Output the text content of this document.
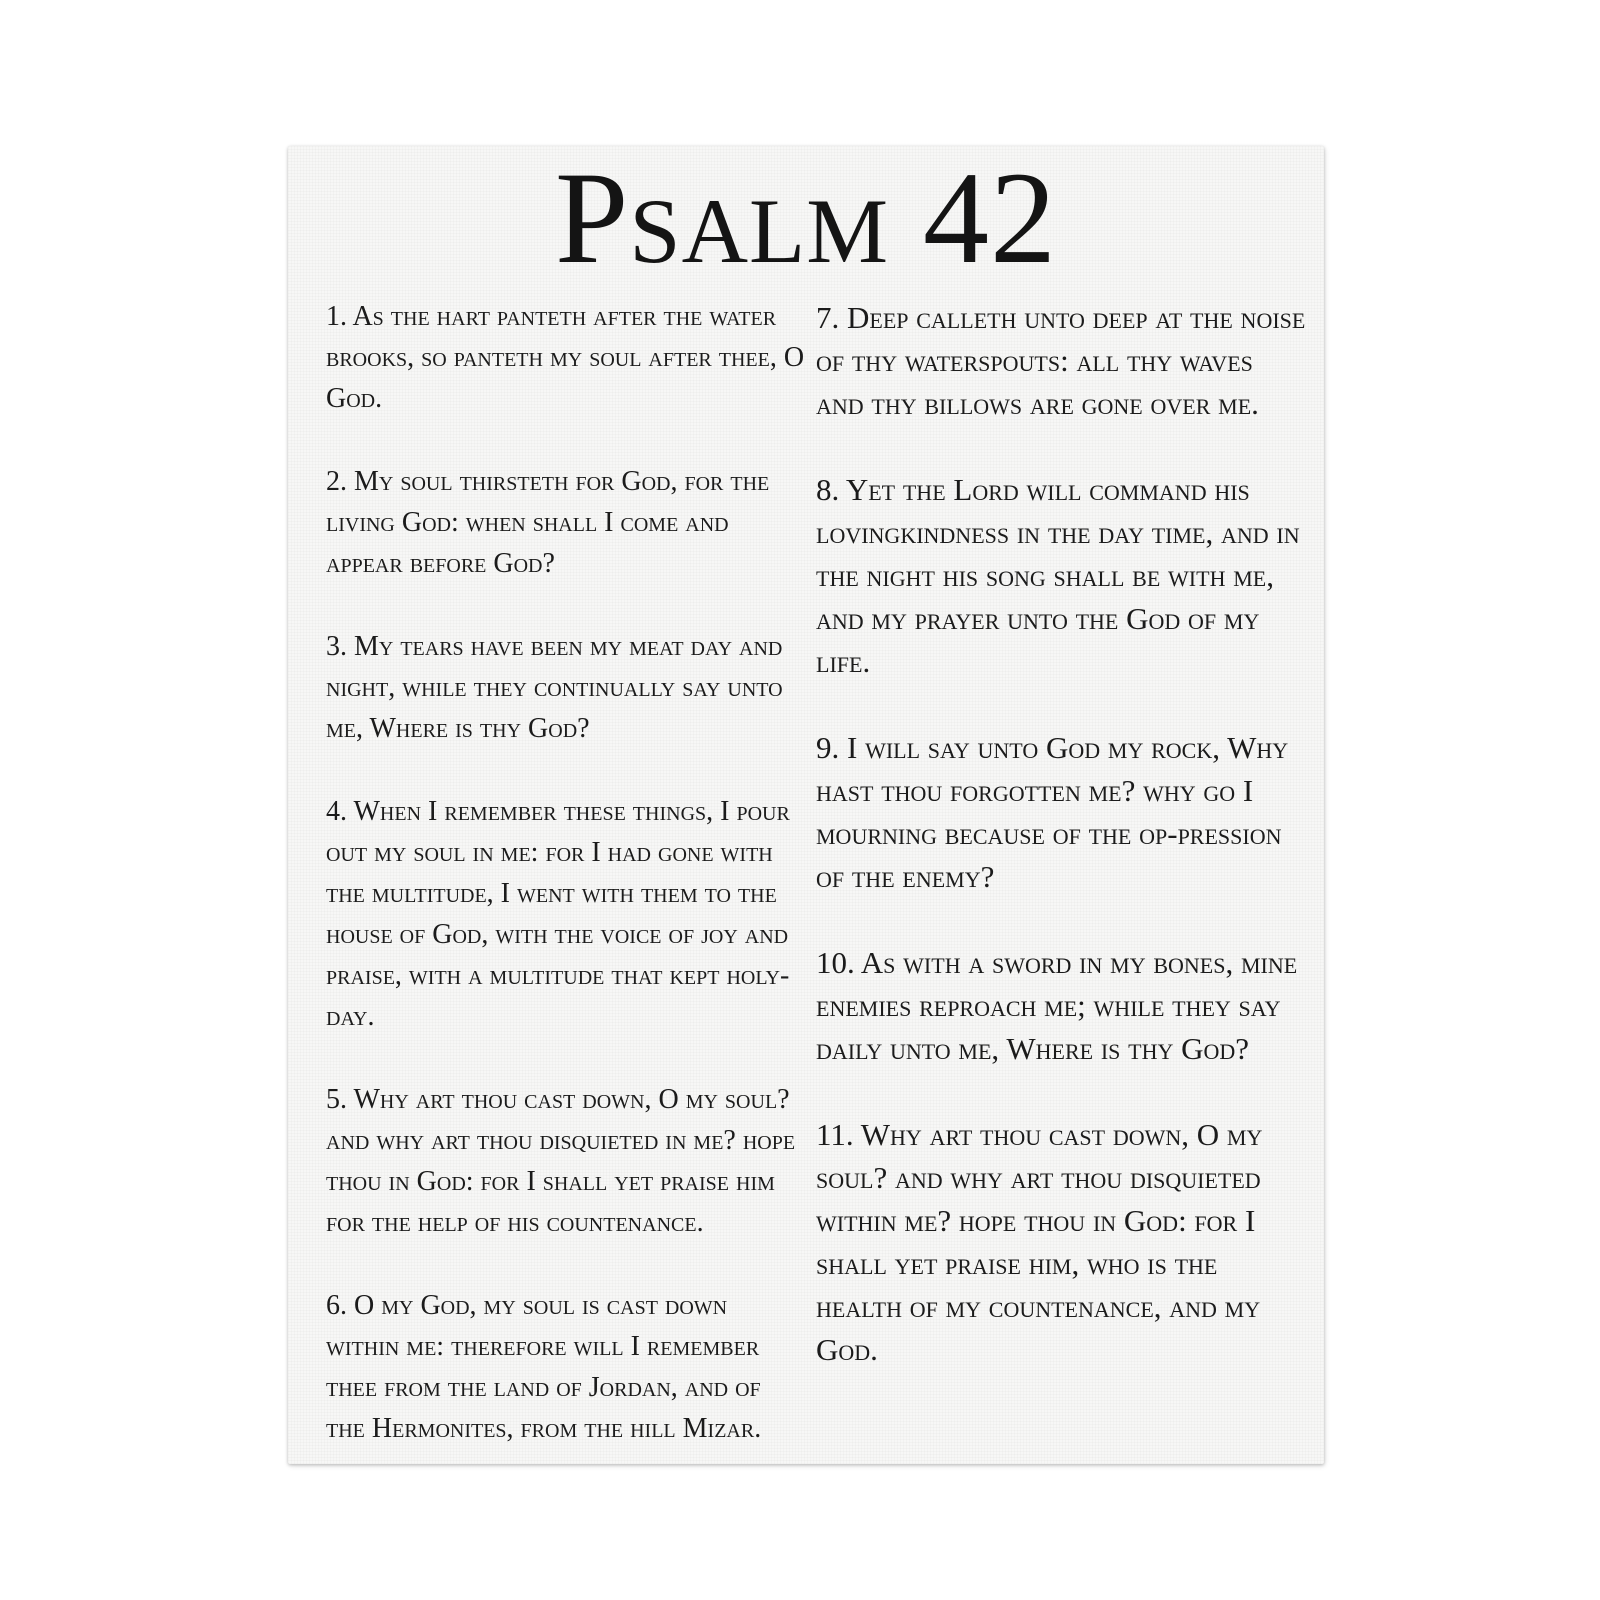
Psalm 42

1. As the hart panteth after the water brooks, so panteth my soul after thee, O God.

2. My soul thirsteth for God, for the living God: when shall I come and appear before God?

3. My tears have been my meat day and night, while they continually say unto me, Where is thy God?

4. When I remember these things, I pour out my soul in me: for I had gone with the multitude, I went with them to the house of God, with the voice of joy and praise, with a multitude that kept holy-day.

5. Why art thou cast down, O my soul? and why art thou disquieted in me? hope thou in God: for I shall yet praise him for the help of his countenance.

6. O my God, my soul is cast down within me: therefore will I remember thee from the land of Jordan, and of the Hermonites, from the hill Mizar.

7. Deep calleth unto deep at the noise of thy waterspouts: all thy waves and thy billows are gone over me.

8. Yet the Lord will command his lovingkindness in the day time, and in the night his song shall be with me, and my prayer unto the God of my life.

9. I will say unto God my rock, Why hast thou forgotten me? why go I mourning because of the op-pression of the enemy?

10. As with a sword in my bones, mine enemies reproach me; while they say daily unto me, Where is thy God?

11. Why art thou cast down, O my soul? and why art thou disquieted within me? hope thou in God: for I shall yet praise him, who is the health of my countenance, and my God.
